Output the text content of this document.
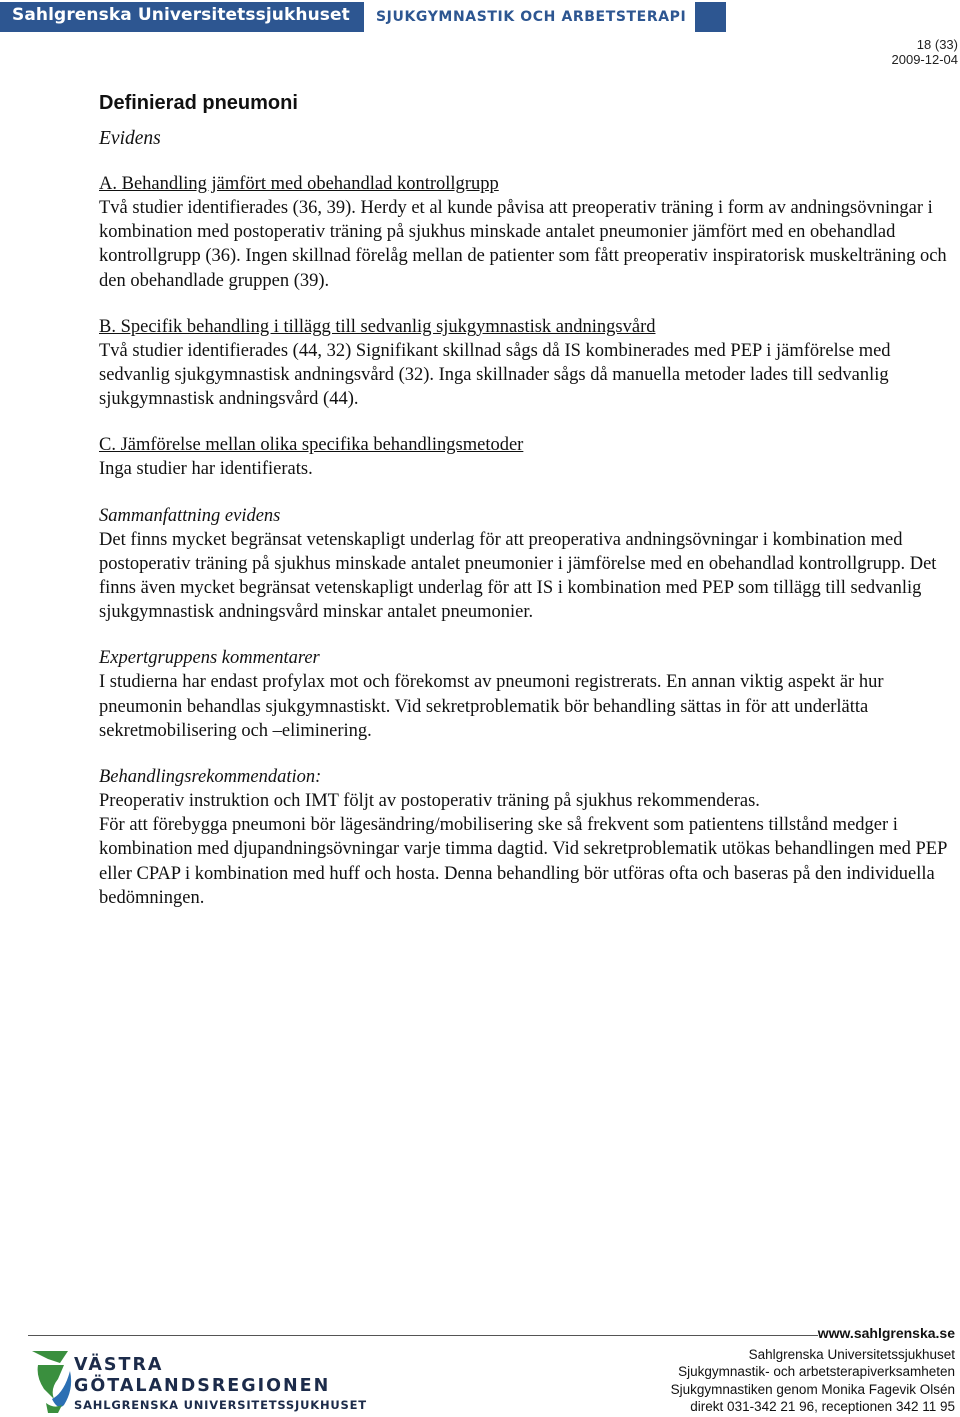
Sahlgrenska Universitetssjukhuset SJUKGYMNASTIK OCH ARBETSTERAPI
18 (33)
2009-12-04
Definierad pneumoni
Evidens

A. Behandling jämfört med obehandlad kontrollgrupp

Två studier identifierades (36, 39). Herdy et al kunde påvisa att preoperativ träning i form av andningsövningar i kombination med postoperativ träning på sjukhus minskade antalet pneumonier jämfört med en obehandlad kontrollgrupp (36). Ingen skillnad förelåg mellan de patienter som fått preoperativ inspiratorisk muskelträning och den obehandlade gruppen (39).

B. Specifik behandling i tillägg till sedvanlig sjukgymnastisk andningsvård

Två studier identifierades (44, 32) Signifikant skillnad sågs då IS kombinerades med PEP i jämförelse med sedvanlig sjukgymnastisk andningsvård (32). Inga skillnader sågs då manuella metoder lades till sedvanlig sjukgymnastisk andningsvård (44).

C. Jämförelse mellan olika specifika behandlingsmetoder

Inga studier har identifierats.

Sammanfattning evidens

Det finns mycket begränsat vetenskapligt underlag för att preoperativa andningsövningar i kombination med postoperativ träning på sjukhus minskade antalet pneumonier i jämförelse med en obehandlad kontrollgrupp. Det finns även mycket begränsat vetenskapligt underlag för att IS i kombination med PEP som tillägg till sedvanlig sjukgymnastisk andningsvård minskar antalet pneumonier.

Expertgruppens kommentarer

I studierna har endast profylax mot och förekomst av pneumoni registrerats. En annan viktig aspekt är hur pneumonin behandlas sjukgymnastiskt. Vid sekretproblematik bör behandling sättas in för att underlätta sekretmobilisering och –eliminering.

Behandlingsrekommendation:

Preoperativ instruktion och IMT följt av postoperativ träning på sjukhus rekommenderas.

För att förebygga pneumoni bör lägesändring/mobilisering ske så frekvent som patientens tillstånd medger i kombination med djupandningsövningar varje timma dagtid. Vid sekretproblematik utökas behandlingen med PEP eller CPAP i kombination med huff och hosta. Denna behandling bör utföras ofta och baseras på den individuella bedömningen.

www.sahlgrenska.se
Sahlgrenska Universitetssjukhuset
Sjukgymnastik- och arbetsterapiverksamheten
Sjukgymnastiken genom Monika Fagevik Olsén
direkt 031-342 21 96, receptionen 342 11 95
VÄSTRA
GÖTALANDSREGIONEN
SAHLGRENSKA UNIVERSITETSSJUKHUSET
